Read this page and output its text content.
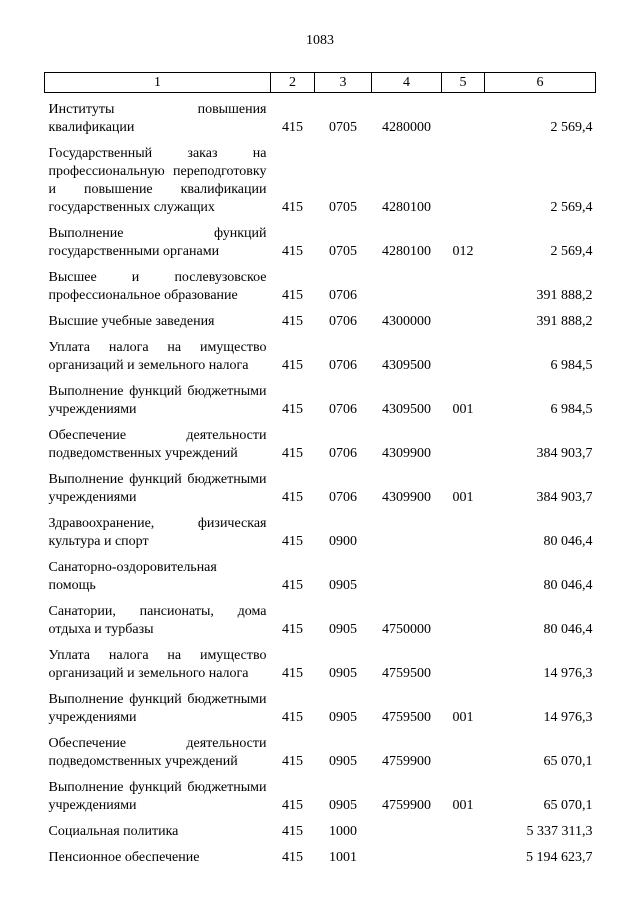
1083
1	2	3	4	5	6
Институты повышения квалификации	415	0705	4280000		2 569,4
Государственный заказ на профессиональную переподготовку и повышение квалификации государственных служащих	415	0705	4280100		2 569,4
Выполнение функций государственными органами	415	0705	4280100	012	2 569,4
Высшее и послевузовское профессиональное образование	415	0706			391 888,2
Высшие учебные заведения	415	0706	4300000		391 888,2
Уплата налога на имущество организаций и земельного налога	415	0706	4309500		6 984,5
Выполнение функций бюджетными учреждениями	415	0706	4309500	001	6 984,5
Обеспечение деятельности подведомственных учреждений	415	0706	4309900		384 903,7
Выполнение функций бюджетными учреждениями	415	0706	4309900	001	384 903,7
Здравоохранение, физическая культура и спорт	415	0900			80 046,4
Санаторно-оздоровительная помощь	415	0905			80 046,4
Санатории, пансионаты, дома отдыха и турбазы	415	0905	4750000		80 046,4
Уплата налога на имущество организаций и земельного налога	415	0905	4759500		14 976,3
Выполнение функций бюджетными учреждениями	415	0905	4759500	001	14 976,3
Обеспечение деятельности подведомственных учреждений	415	0905	4759900		65 070,1
Выполнение функций бюджетными учреждениями	415	0905	4759900	001	65 070,1
Социальная политика	415	1000			5 337 311,3
Пенсионное обеспечение	415	1001			5 194 623,7
